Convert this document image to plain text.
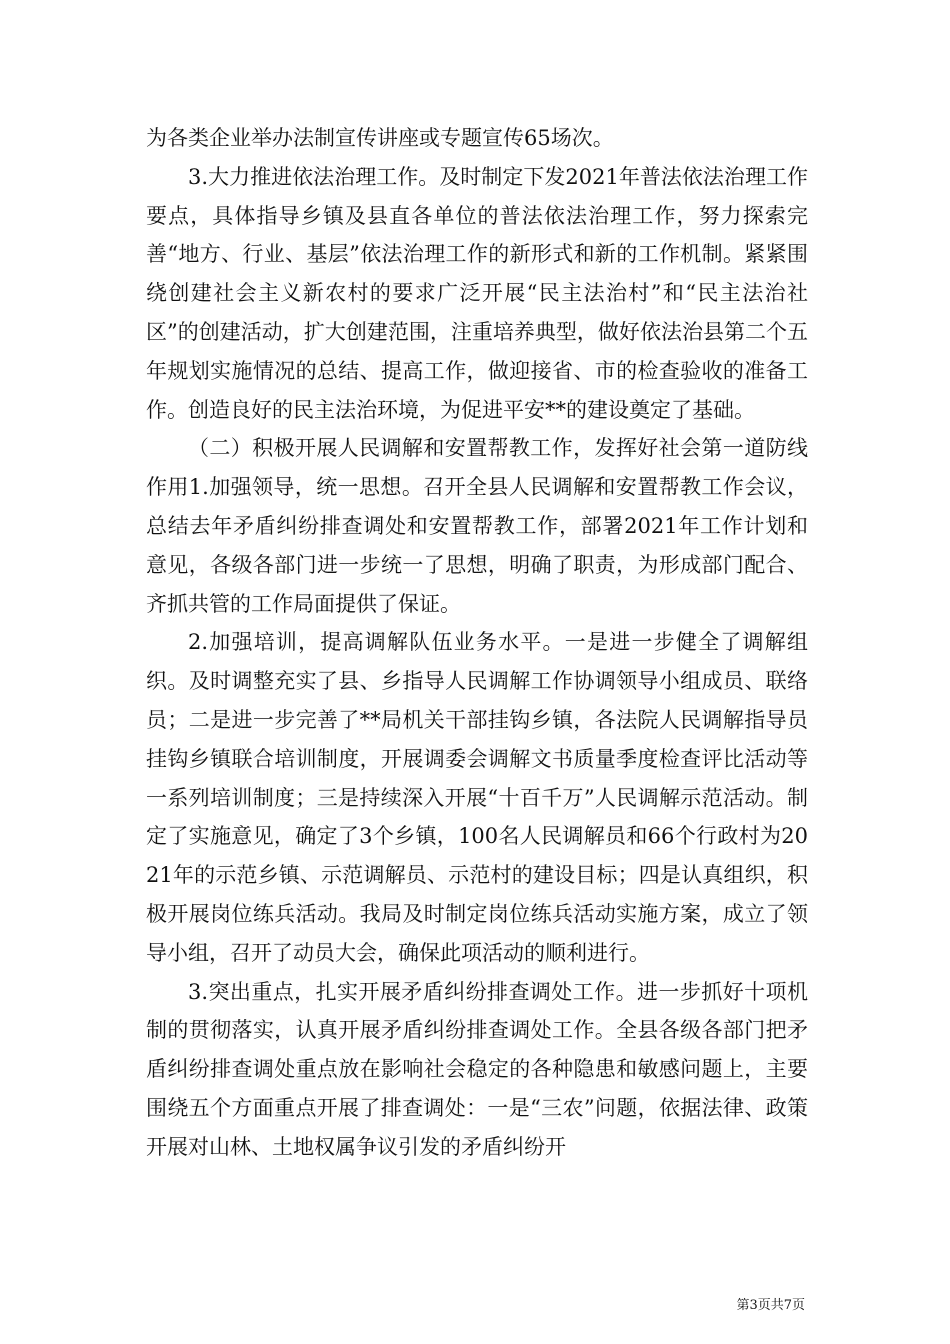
为各类企业举办法制宣传讲座或专题宣传65场次。

3.大力推进依法治理工作。及时制定下发2021年普法依法治理工作要点，具体指导乡镇及县直各单位的普法依法治理工作，努力探索完善“地方、行业、基层”依法治理工作的新形式和新的工作机制。紧紧围绕创建社会主义新农村的要求广泛开展“民主法治村”和“民主法治社区”的创建活动，扩大创建范围，注重培养典型，做好依法治县第二个五年规划实施情况的总结、提高工作，做迎接省、市的检查验收的准备工作。创造良好的民主法治环境，为促进平安**的建设奠定了基础。

（二）积极开展人民调解和安置帮教工作，发挥好社会第一道防线作用1.加强领导，统一思想。召开全县人民调解和安置帮教工作会议，总结去年矛盾纠纷排查调处和安置帮教工作，部署2021年工作计划和意见，各级各部门进一步统一了思想，明确了职责，为形成部门配合、齐抓共管的工作局面提供了保证。

2.加强培训，提高调解队伍业务水平。一是进一步健全了调解组织。及时调整充实了县、乡指导人民调解工作协调领导小组成员、联络员；二是进一步完善了**局机关干部挂钩乡镇，各法院人民调解指导员挂钩乡镇联合培训制度，开展调委会调解文书质量季度检查评比活动等一系列培训制度；三是持续深入开展“十百千万”人民调解示范活动。制定了实施意见，确定了3个乡镇，100名人民调解员和66个行政村为2021年的示范乡镇、示范调解员、示范村的建设目标；四是认真组织，积极开展岗位练兵活动。我局及时制定岗位练兵活动实施方案，成立了领导小组，召开了动员大会，确保此项活动的顺利进行。

3.突出重点，扎实开展矛盾纠纷排查调处工作。进一步抓好十项机制的贯彻落实，认真开展矛盾纠纷排查调处工作。全县各级各部门把矛盾纠纷排查调处重点放在影响社会稳定的各种隐患和敏感问题上，主要围绕五个方面重点开展了排查调处：一是“三农”问题，依据法律、政策开展对山林、土地权属争议引发的矛盾纠纷开

第3页共7页
